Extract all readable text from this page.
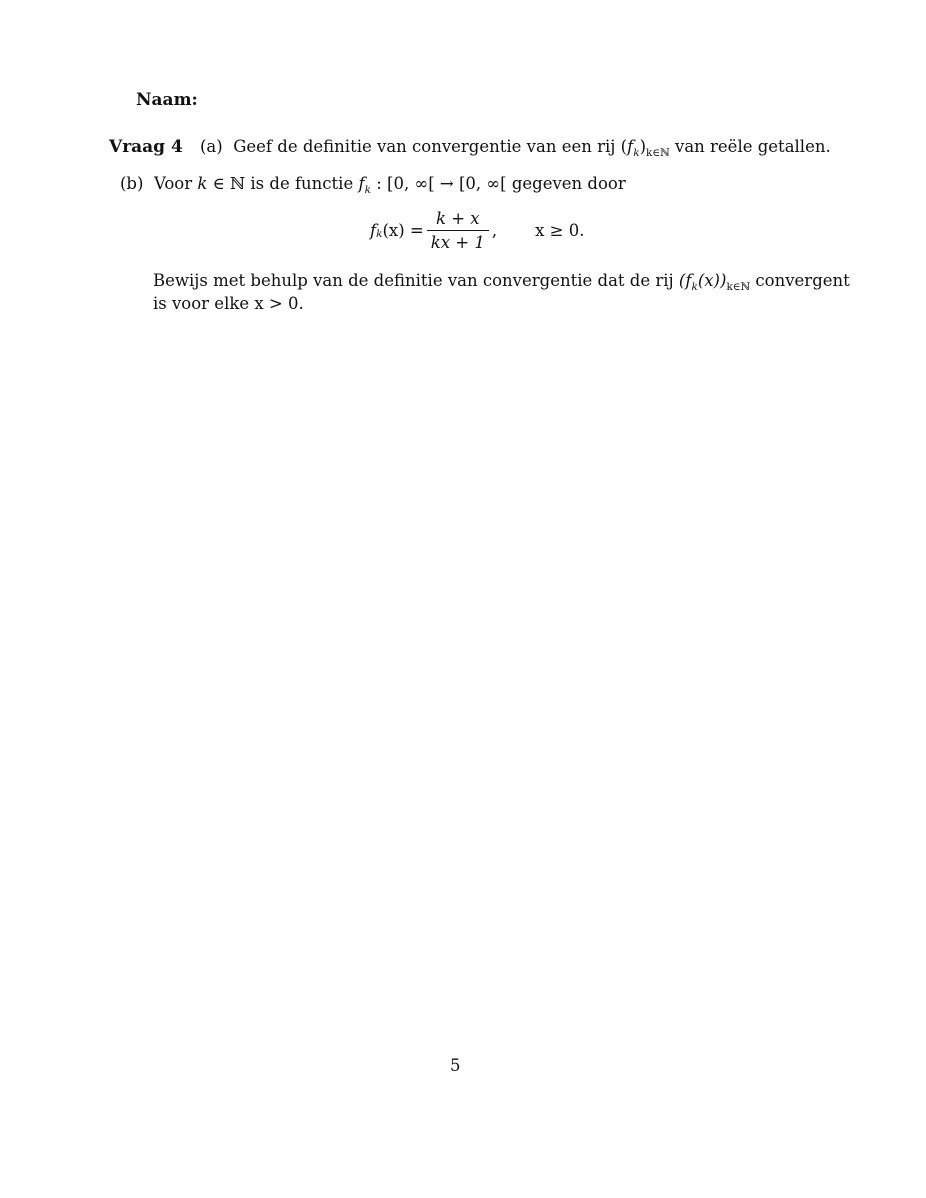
Naam:
Vraag 4 (a) Geef de definitie van convergentie van een rij $(f_k)_{k\in ℕ}$ van reële getallen.
(b) Voor k ∈ ℕ is de functie $f_k$ : [0, ∞[ → [0, ∞[ gegeven door
f k $(x) = \frac{k + x}{kx + 1}$ , x ≥ 0.
Bewijs met behulp van de definitie van convergentie dat de rij $(f_k(x))_{k\in ℕ}$ convergent
is voor elke x > 0.
5
